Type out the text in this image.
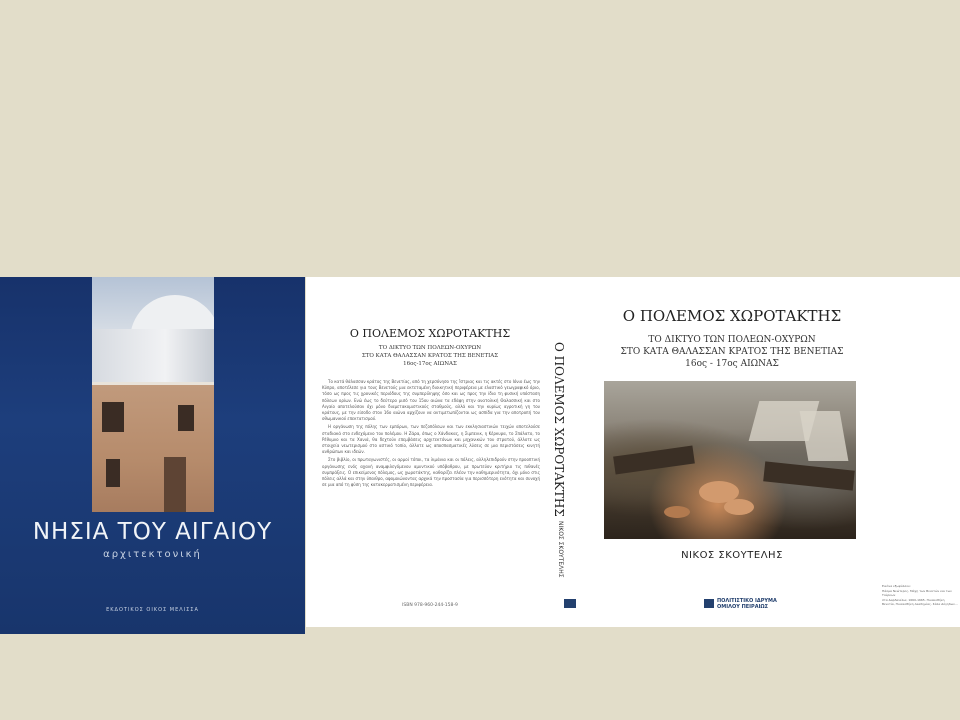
ΝΗΣΙΑ ΤΟΥ ΑΙΓΑΙΟΥ
αρχιτεκτονική
ΕΚΔΟΤΙΚΟΣ ΟΙΚΟΣ ΜΕΛΙΣΣΑ
Ο ΠΟΛΕΜΟΣ ΧΩΡΟΤΑΚΤΗΣ
ΤΟ ΔΙΚΤΥΟ ΤΩΝ ΠΟΛΕΩΝ-ΟΧΥΡΩΝ
ΣΤΟ ΚΑΤΑ ΘΑΛΑΣΣΑΝ ΚΡΑΤΟΣ ΤΗΣ ΒΕΝΕΤΙΑΣ
16ος-17ος ΑΙΩΝΑΣ

Το κατά θάλασσαν κράτος της Βενετίας, από τη χερσόνησο της Ίστριας και τις ακτές στο Ιόνιο έως την Κύπρο, αποτέλεσε για τους Βενετούς μια εκτεταμένη διοικητική περιφέρεια με ελαστικό γεωγραφικό όριο, τόσο ως προς τις χρονικές περιόδους της συμπερίληψης όσο και ως προς την ίδια τη φυσική υπόσταση πόλεων ορίων. Ενώ έως το δεύτερο μισό του 15ου αιώνα τα εδάφη στην ανατολική Θαλασσική και στο Αιγαίο αποτελούσαν όχι μόνο διαμετακομιστικούς σταθμούς, αλλά και την κυρίως αγροτική γη του κράτους, με την είσοδο στον 16ο αιώνα αρχίζουν να αντιμετωπίζονται ως ασπίδα για την αποτροπή του οθωμανικού επεκτατισμού.

Η οργάνωση της πόλης των εμπόρων, των πεζοπόλεων και των εκκλησιαστικών τειχών αποτελούσε σταδιακά στο ενδεχόμενο του πολέμου. Η Ζάρα, όπως ο Χάνδακας, η Σιμπενικ, η Κέρκυρα, το Σπάλατο, το Ρέθυμνο και τα Χανιά, θα δεχτούν επεμβάσεις αρχιτεκτόνων και μηχανικών του στρατού, άλλοτε ως στοιχεία νεωτερισμού στο αστικό τοπίο, άλλοτε ως αποσπασματικές λύσεις σε μια περιστάσεις κινητή ανθρώπων και ιδεών.

Στο βιβλίο, οι πρωταγωνιστές, οι αρμοί τόποι, τα λιμάνια και οι πόλεις, αλληλεπιδρούν στην προοπτική οργάνωσης ενός αχανή αναμφιλεγόμενου αμυντικού υπόβαθρου, με πρωτεύον κριτήριο τις πιθανές συμπράξεις. Ο επικείμενος πόλεμος, ως χωροτάκτης, καθορίζει πλέον την καθημερινότητα, όχι μόνο στις πόλεις αλλά και στην ύπαιθρο, αφομοιώνοντας αρχικά την προστασία για περισσότερη ενότητα και συνοχή σε μια από τη φύση της κατακερματισμένη περιφέρεια.

ISBN 978-960-244-158-9
Ο ΠΟΛΕΜΟΣ ΧΩΡΟΤΑΚΤΗΣ
ΝΙΚΟΣ ΣΚΟΥΤΕΛΗΣ
Ο ΠΟΛΕΜΟΣ ΧΩΡΟΤΑΚΤΗΣ
ΤΟ ΔΙΚΤΥΟ ΤΩΝ ΠΟΛΕΩΝ-ΟΧΥΡΩΝ
ΣΤΟ ΚΑΤΑ ΘΑΛΑΣΣΑΝ ΚΡΑΤΟΣ ΤΗΣ ΒΕΝΕΤΙΑΣ
16ος - 17ος ΑΙΩΝΑΣ
ΝΙΚΟΣ ΣΚΟΥΤΕΛΗΣ
ΠΟΛΙΤΙΣΤΙΚΟ ΙΔΡΥΜΑ
ΟΜΙΛΟΥ ΠΕΙΡΑΙΩΣ
Εικόνα εξωφύλλου:
Πάλμα Νεώτερος, Μάχη των Βενετών και των Τούρκων
στα Δαρδανέλια, 1660-1665. Πινακοθήκη
Βενετία, Πινακοθήκη Ακαδημίας. Σάλα Δόγηδων...
